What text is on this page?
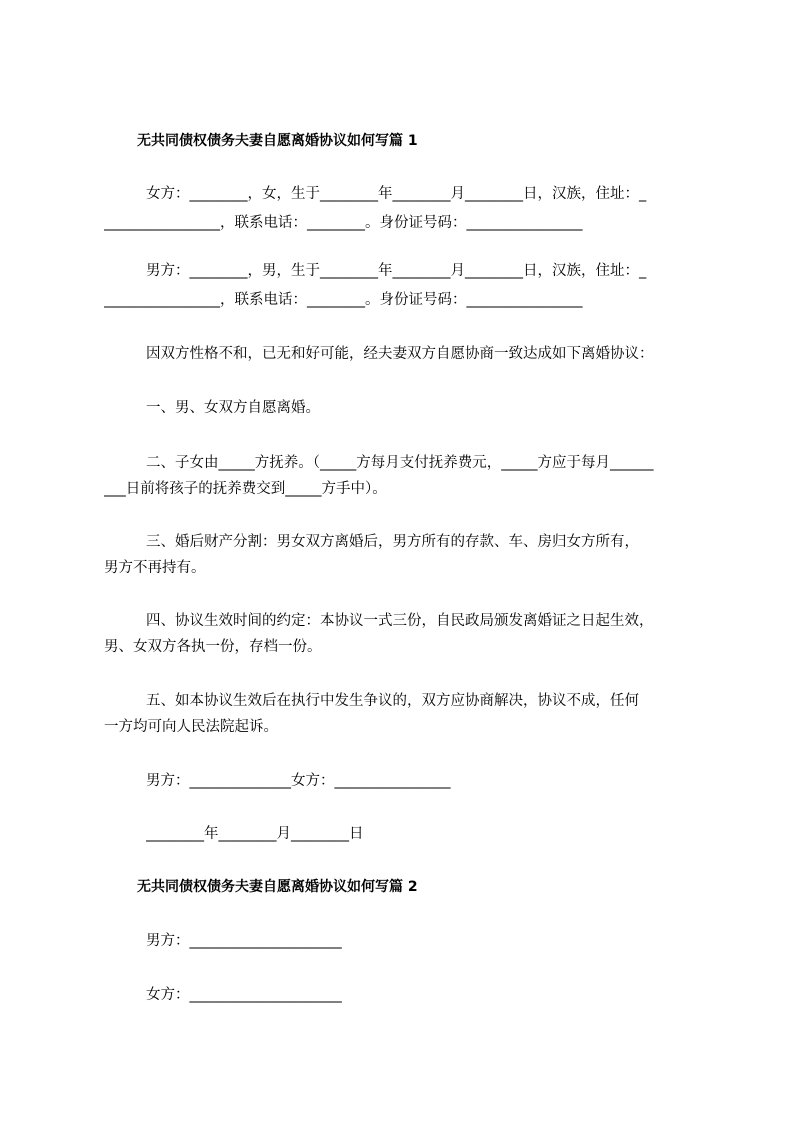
无共同债权债务夫妻自愿离婚协议如何写篇 1
女方：________，女，生于________年________月________日，汉族，住址：_
________________，联系电话：________。身份证号码：________________
男方：________，男，生于________年________月________日，汉族，住址：_
________________，联系电话：________。身份证号码：________________
因双方性格不和，已无和好可能，经夫妻双方自愿协商一致达成如下离婚协议：
一、男、女双方自愿离婚。
二、子女由_____方抚养。（_____方每月支付抚养费元，_____方应于每月______
___日前将孩子的抚养费交到_____方手中）。
三、婚后财产分割：男女双方离婚后，男方所有的存款、车、房归女方所有，
男方不再持有。
四、协议生效时间的约定：本协议一式三份，自民政局颁发离婚证之日起生效，
男、女双方各执一份，存档一份。
五、如本协议生效后在执行中发生争议的，双方应协商解决，协议不成，任何
一方均可向人民法院起诉。
男方：______________女方：________________
________年________月________日
无共同债权债务夫妻自愿离婚协议如何写篇 2
男方：_____________________
女方：_____________________
